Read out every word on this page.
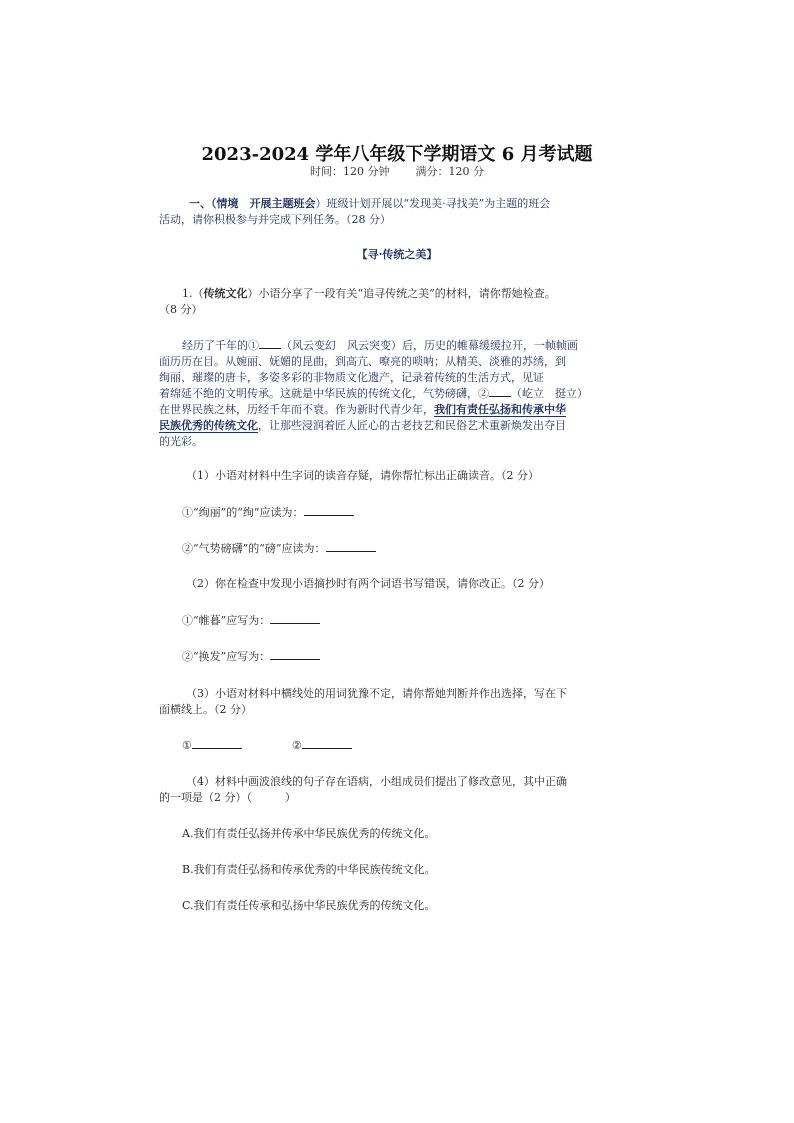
2023-2024 学年八年级下学期语文 6 月考试题
时间：120 分钟 满分：120 分
一、（情境　开展主题班会）班级计划开展以“发现美·寻找美”为主题的班会
活动，请你积极参与并完成下列任务。（28 分）
【寻·传统之美】
1.（传统文化）小语分享了一段有关“追寻传统之美”的材料，请你帮她检查。
（8 分）
经历了千年的① （风云变幻　风云突变）后，历史的帷幕缓缓拉开，一帧帧画
面历历在目。从婉丽、妩媚的昆曲，到高亢、嘹亮的唢呐；从精美、淡雅的苏绣，到
绚丽、璀璨的唐卡，多姿多彩的非物质文化遗产，记录着传统的生活方式，见证
着绵延不绝的文明传承。这就是中华民族的传统文化，气势磅礴，② （屹立　挺立）
在世界民族之林，历经千年而不衰。作为新时代青少年，我们有责任弘扬和传承中华
民族优秀的传统文化，让那些浸润着匠人匠心的古老技艺和民俗艺术重新焕发出夺目
的光彩。
（1）小语对材料中生字词的读音存疑，请你帮忙标出正确读音。（2 分）
①“绚丽”的“绚”应读为：
②“气势磅礴”的“磅”应读为：
（2）你在检查中发现小语摘抄时有两个词语书写错误，请你改正。（2 分）
①“帷暮”应写为：
②“换发”应写为：
（3）小语对材料中横线处的用词犹豫不定，请你帮她判断并作出选择，写在下
面横线上。（2 分）
①	②
（4）材料中画波浪线的句子存在语病，小组成员们提出了修改意见，其中正确
的一项是（2 分）（　　　）
A.我们有责任弘扬并传承中华民族优秀的传统文化。
B.我们有责任弘扬和传承优秀的中华民族传统文化。
C.我们有责任传承和弘扬中华民族优秀的传统文化。
